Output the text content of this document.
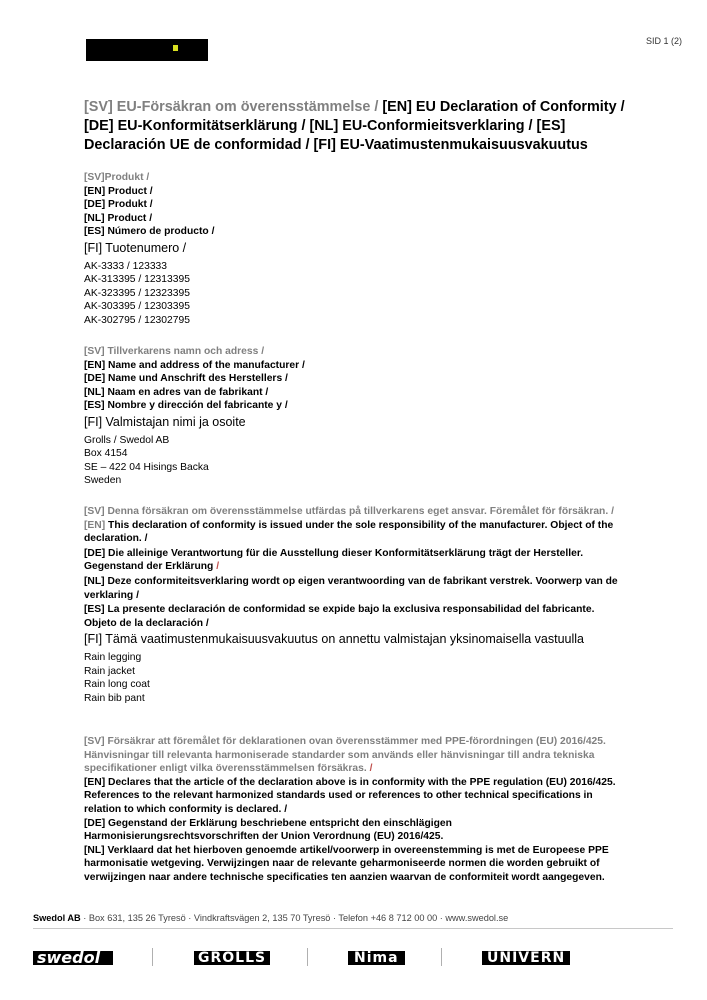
SID 1 (2)
[SV] EU-Försäkran om överensstämmelse / [EN] EU Declaration of Conformity /
[DE] EU-Konformitätserklärung / [NL] EU-Conformieitsverklaring / [ES]
Declaración UE de conformidad / [FI] EU-Vaatimustenmukaisuusvakuutus
[SV]Produkt /
[EN] Product /
[DE] Produkt /
[NL] Product /
[ES] Número de producto /
[FI] Tuotenumero /
AK-3333 / 123333
AK-313395 / 12313395
AK-323395 / 12323395
AK-303395 / 12303395
AK-302795 / 12302795
[SV] Tillverkarens namn och adress /
[EN] Name and address of the manufacturer /
[DE] Name und Anschrift des Herstellers /
[NL] Naam en adres van de fabrikant /
[ES] Nombre y dirección del fabricante y /
[FI] Valmistajan nimi ja osoite
Grolls / Swedol AB
Box 4154
SE – 422 04 Hisings Backa
Sweden
[SV] Denna försäkran om överensstämmelse utfärdas på tillverkarens eget ansvar. Föremålet för försäkran. /
[EN] This declaration of conformity is issued under the sole responsibility of the manufacturer. Object of the
declaration. /
[DE] Die alleinige Verantwortung für die Ausstellung dieser Konformitätserklärung trägt der Hersteller.
Gegenstand der Erklärung /
[NL] Deze conformiteitsverklaring wordt op eigen verantwoording van de fabrikant verstrek. Voorwerp van de
verklaring /
[ES] La presente declaración de conformidad se expide bajo la exclusiva responsabilidad del fabricante.
Objeto de la declaración /
[FI] Tämä vaatimustenmukaisuusvakuutus on annettu valmistajan yksinomaisella vastuulla
Rain legging
Rain jacket
Rain long coat
Rain bib pant
[SV] Försäkrar att föremålet för deklarationen ovan överensstämmer med PPE-förordningen (EU) 2016/425.
Hänvisningar till relevanta harmoniserade standarder som används eller hänvisningar till andra tekniska
specifikationer enligt vilka överensstämmelsen försäkras. /
[EN] Declares that the article of the declaration above is in conformity with the PPE regulation (EU) 2016/425.
References to the relevant harmonized standards used or references to other technical specifications in
relation to which conformity is declared. /
[DE] Gegenstand der Erklärung beschriebene entspricht den einschlägigen
Harmonisierungsrechtsvorschriften der Union Verordnung (EU) 2016/425.
[NL] Verklaard dat het hierboven genoemde artikel/voorwerp in overeenstemming is met de Europeese PPE
harmonisatie wetgeving. Verwijzingen naar de relevante geharmoniseerde normen die worden gebruikt of
verwijzingen naar andere technische specificaties ten aanzien waarvan de conformiteit wordt aangegeven.
Swedol AB · Box 631, 135 26 Tyresö · Vindkraftsvägen 2, 135 70 Tyresö · Telefon +46 8 712 00 00 · www.swedol.se
swedol	GROLLS	Nima	UNIVERN
